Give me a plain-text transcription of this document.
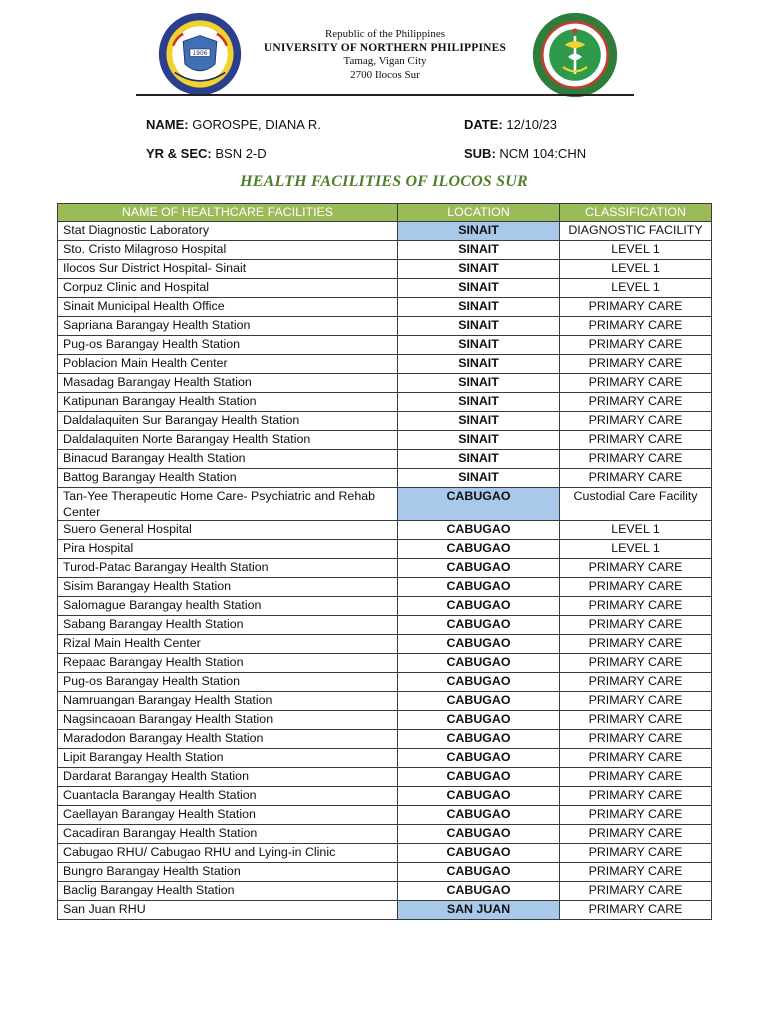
1906
Republic of the Philippines
UNIVERSITY OF NORTHERN PHILIPPINES
Tamag, Vigan City
2700 Ilocos Sur
NAME: GOROSPE, DIANA R.	DATE: 12/10/23
YR & SEC: BSN 2-D	SUB: NCM 104:CHN
HEALTH FACILITIES OF ILOCOS SUR
NAME OF HEALTHCARE FACILITIES	LOCATION	CLASSIFICATION
Stat Diagnostic Laboratory	SINAIT	DIAGNOSTIC FACILITY
Sto. Cristo Milagroso Hospital	SINAIT	LEVEL 1
Ilocos Sur District Hospital- Sinait	SINAIT	LEVEL 1
Corpuz Clinic and Hospital	SINAIT	LEVEL 1
Sinait Municipal Health Office	SINAIT	PRIMARY CARE
Sapriana Barangay Health Station	SINAIT	PRIMARY CARE
Pug-os Barangay Health Station	SINAIT	PRIMARY CARE
Poblacion Main Health Center	SINAIT	PRIMARY CARE
Masadag Barangay Health Station	SINAIT	PRIMARY CARE
Katipunan Barangay Health Station	SINAIT	PRIMARY CARE
Daldalaquiten Sur Barangay Health Station	SINAIT	PRIMARY CARE
Daldalaquiten Norte Barangay Health Station	SINAIT	PRIMARY CARE
Binacud Barangay Health Station	SINAIT	PRIMARY CARE
Battog Barangay Health Station	SINAIT	PRIMARY CARE
Tan-Yee Therapeutic Home Care- Psychiatric and Rehab Center	CABUGAO	Custodial Care Facility
Suero General Hospital	CABUGAO	LEVEL 1
Pira Hospital	CABUGAO	LEVEL 1
Turod-Patac Barangay Health Station	CABUGAO	PRIMARY CARE
Sisim Barangay Health Station	CABUGAO	PRIMARY CARE
Salomague Barangay health Station	CABUGAO	PRIMARY CARE
Sabang Barangay Health Station	CABUGAO	PRIMARY CARE
Rizal Main Health Center	CABUGAO	PRIMARY CARE
Repaac Barangay Health Station	CABUGAO	PRIMARY CARE
Pug-os Barangay Health Station	CABUGAO	PRIMARY CARE
Namruangan Barangay Health Station	CABUGAO	PRIMARY CARE
Nagsincaoan Barangay Health Station	CABUGAO	PRIMARY CARE
Maradodon Barangay Health Station	CABUGAO	PRIMARY CARE
Lipit Barangay Health Station	CABUGAO	PRIMARY CARE
Dardarat Barangay Health Station	CABUGAO	PRIMARY CARE
Cuantacla Barangay Health Station	CABUGAO	PRIMARY CARE
Caellayan Barangay Health Station	CABUGAO	PRIMARY CARE
Cacadiran Barangay Health Station	CABUGAO	PRIMARY CARE
Cabugao RHU/ Cabugao RHU and Lying-in Clinic	CABUGAO	PRIMARY CARE
Bungro Barangay Health Station	CABUGAO	PRIMARY CARE
Baclig Barangay Health Station	CABUGAO	PRIMARY CARE
San Juan RHU	SAN JUAN	PRIMARY CARE
